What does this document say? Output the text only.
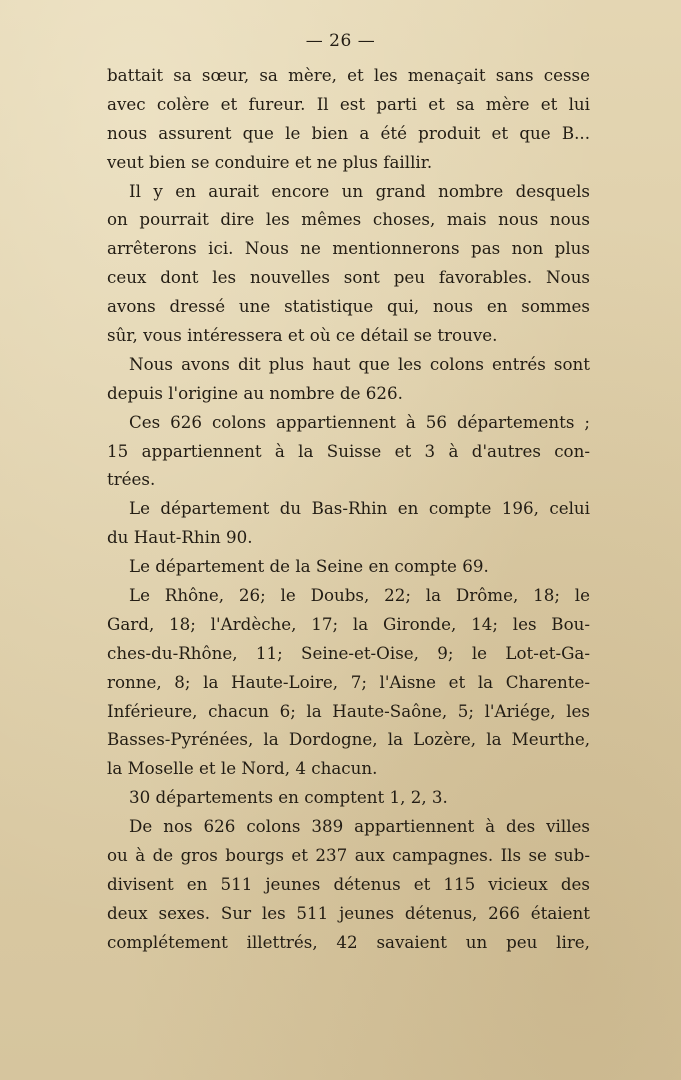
— 26 —
battait sa sœur, sa mère, et les menaçait sans cesse
avec colère et fureur. Il est parti et sa mère et lui
nous assurent que le bien a été produit et que B...
veut bien se conduire et ne plus faillir.
Il y en aurait encore un grand nombre desquels
on pourrait dire les mêmes choses, mais nous nous
arrêterons ici. Nous ne mentionnerons pas non plus
ceux dont les nouvelles sont peu favorables. Nous
avons dressé une statistique qui, nous en sommes
sûr, vous intéressera et où ce détail se trouve.
Nous avons dit plus haut que les colons entrés sont
depuis l'origine au nombre de 626.
Ces 626 colons appartiennent à 56 départements ;
15 appartiennent à la Suisse et 3 à d'autres con-
trées.
Le département du Bas-Rhin en compte 196, celui
du Haut-Rhin 90.
Le département de la Seine en compte 69.
Le Rhône, 26; le Doubs, 22; la Drôme, 18; le
Gard, 18; l'Ardèche, 17; la Gironde, 14; les Bou-
ches-du-Rhône, 11; Seine-et-Oise, 9; le Lot-et-Ga-
ronne, 8; la Haute-Loire, 7; l'Aisne et la Charente-
Inférieure, chacun 6; la Haute-Saône, 5; l'Ariége, les
Basses-Pyrénées, la Dordogne, la Lozère, la Meurthe,
la Moselle et le Nord, 4 chacun.
30 départements en comptent 1, 2, 3.
De nos 626 colons 389 appartiennent à des villes
ou à de gros bourgs et 237 aux campagnes. Ils se sub-
divisent en 511 jeunes détenus et 115 vicieux des
deux sexes. Sur les 511 jeunes détenus, 266 étaient
complétement illettrés, 42 savaient un peu lire,
